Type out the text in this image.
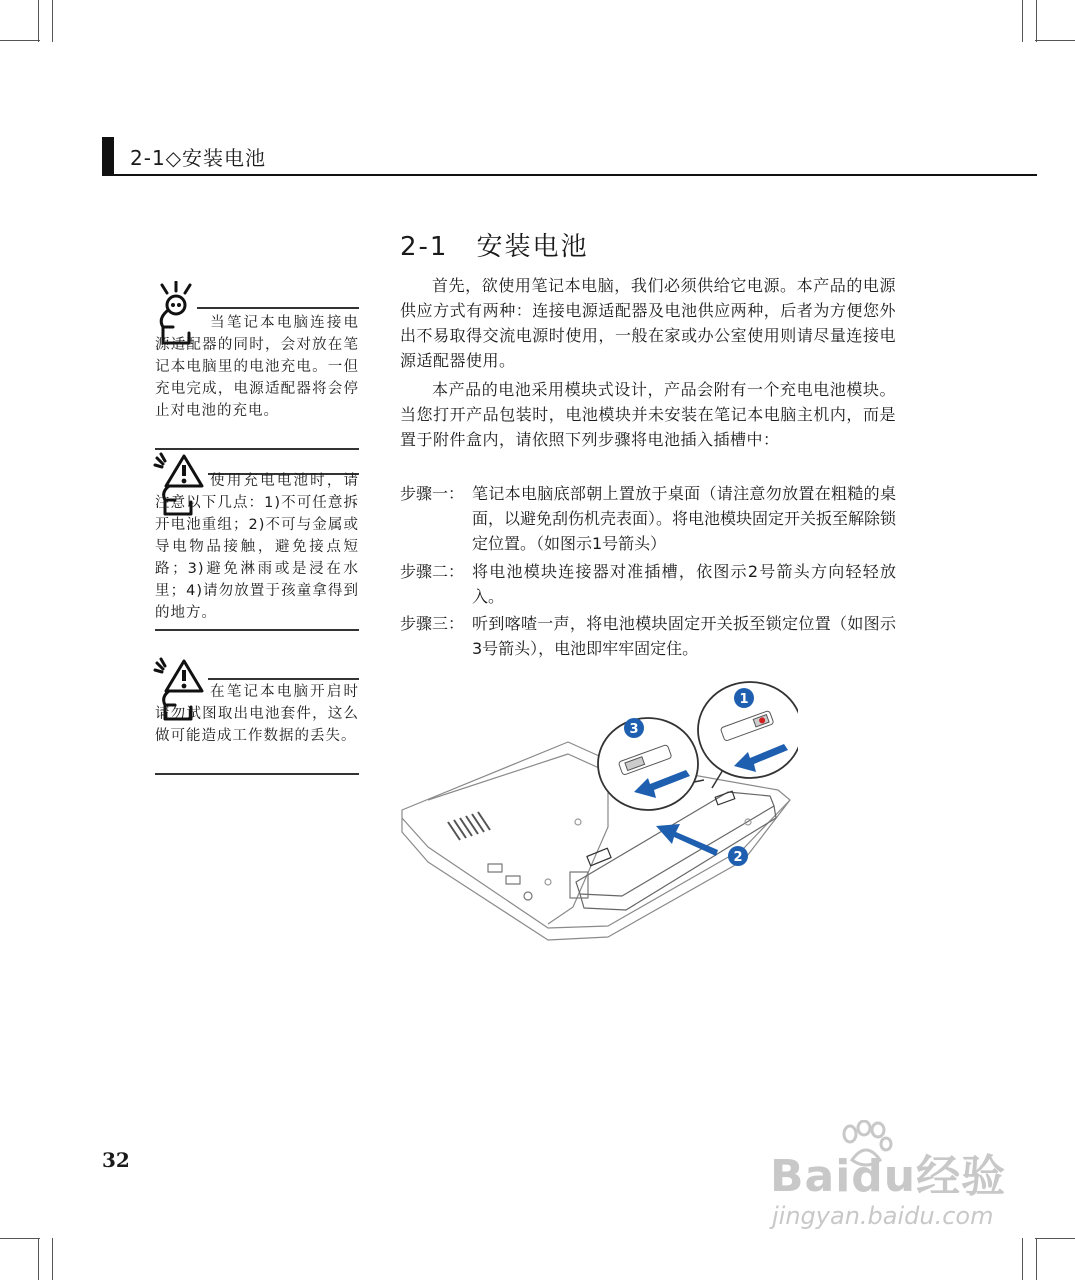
2-1◇安装电池
2-1　安装电池
首先，欲使用笔记本电脑，我们必须供给它电源。本产品的电源供应方式有两种：连接电源适配器及电池供应两种，后者为方便您外出不易取得交流电源时使用，一般在家或办公室使用则请尽量连接电源适配器使用。
本产品的电池采用模块式设计，产品会附有一个充电电池模块。当您打开产品包装时，电池模块并未安装在笔记本电脑主机内，而是置于附件盒内，请依照下列步骤将电池插入插槽中：
步骤一： 笔记本电脑底部朝上置放于桌面（请注意勿放置在粗糙的桌面，以避免刮伤机壳表面）。将电池模块固定开关扳至解除锁定位置。（如图示1号箭头）
步骤二： 将电池模块连接器对准插槽，依图示2号箭头方向轻轻放入。
步骤三： 听到喀喳一声，将电池模块固定开关扳至锁定位置（如图示3号箭头），电池即牢牢固定住。
当笔记本电脑连接电源适配器的同时，会对放在笔记本电脑里的电池充电。一但充电完成，电源适配器将会停止对电池的充电。
使用充电电池时，请注意以下几点：1)不可任意拆开电池重组；2)不可与金属或导电物品接触，避免接点短路；3)避免淋雨或是浸在水里；4)请勿放置于孩童拿得到的地方。
在笔记本电脑开启时请勿试图取出电池套件，这么做可能造成工作数据的丢失。
2
3
1
32	Baidu经验
jingyan.baidu.com
